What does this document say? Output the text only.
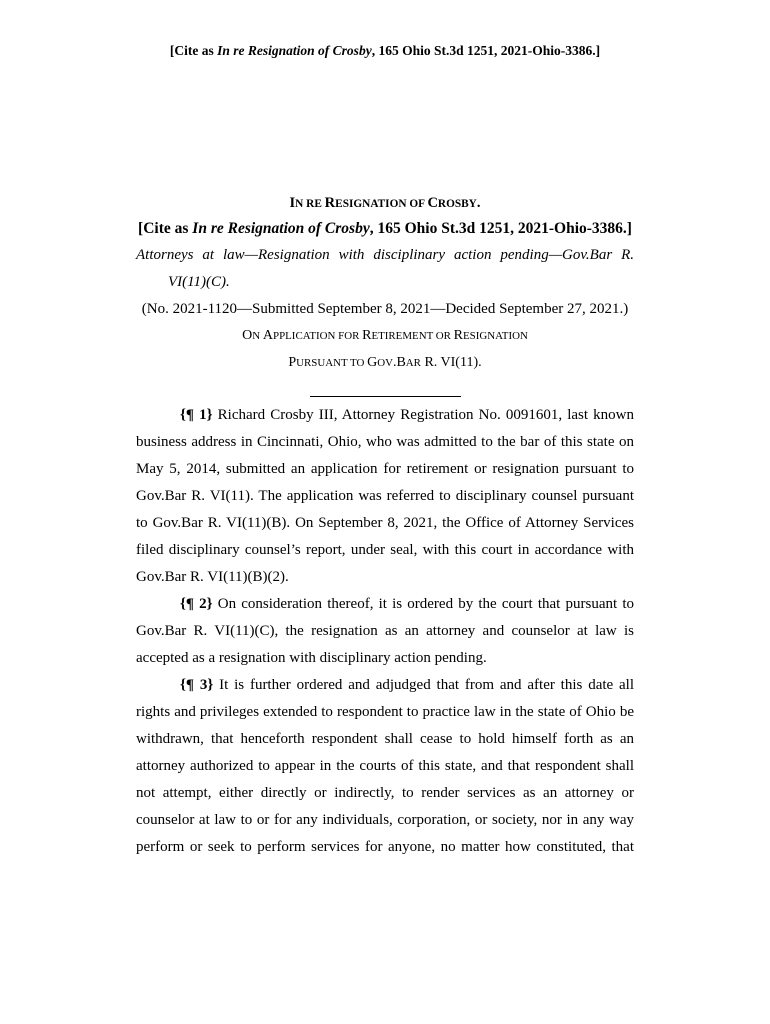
[Cite as In re Resignation of Crosby, 165 Ohio St.3d 1251, 2021-Ohio-3386.]
IN RE RESIGNATION OF CROSBY.
[Cite as In re Resignation of Crosby, 165 Ohio St.3d 1251, 2021-Ohio-3386.]
Attorneys at law—Resignation with disciplinary action pending—Gov.Bar R.
VI(11)(C).
(No. 2021-1120—Submitted September 8, 2021—Decided September 27, 2021.)
ON APPLICATION FOR RETIREMENT OR RESIGNATION
PURSUANT TO GOV.BAR R. VI(11).
{¶ 1} Richard Crosby III, Attorney Registration No. 0091601, last known
business address in Cincinnati, Ohio, who was admitted to the bar of this state on
May 5, 2014, submitted an application for retirement or resignation pursuant to
Gov.Bar R. VI(11). The application was referred to disciplinary counsel pursuant
to Gov.Bar R. VI(11)(B). On September 8, 2021, the Office of Attorney Services
filed disciplinary counsel’s report, under seal, with this court in accordance with
Gov.Bar R. VI(11)(B)(2).
{¶ 2} On consideration thereof, it is ordered by the court that pursuant to
Gov.Bar R. VI(11)(C), the resignation as an attorney and counselor at law is
accepted as a resignation with disciplinary action pending.
{¶ 3} It is further ordered and adjudged that from and after this date all
rights and privileges extended to respondent to practice law in the state of Ohio be
withdrawn, that henceforth respondent shall cease to hold himself forth as an
attorney authorized to appear in the courts of this state, and that respondent shall
not attempt, either directly or indirectly, to render services as an attorney or
counselor at law to or for any individuals, corporation, or society, nor in any way
perform or seek to perform services for anyone, no matter how constituted, that
